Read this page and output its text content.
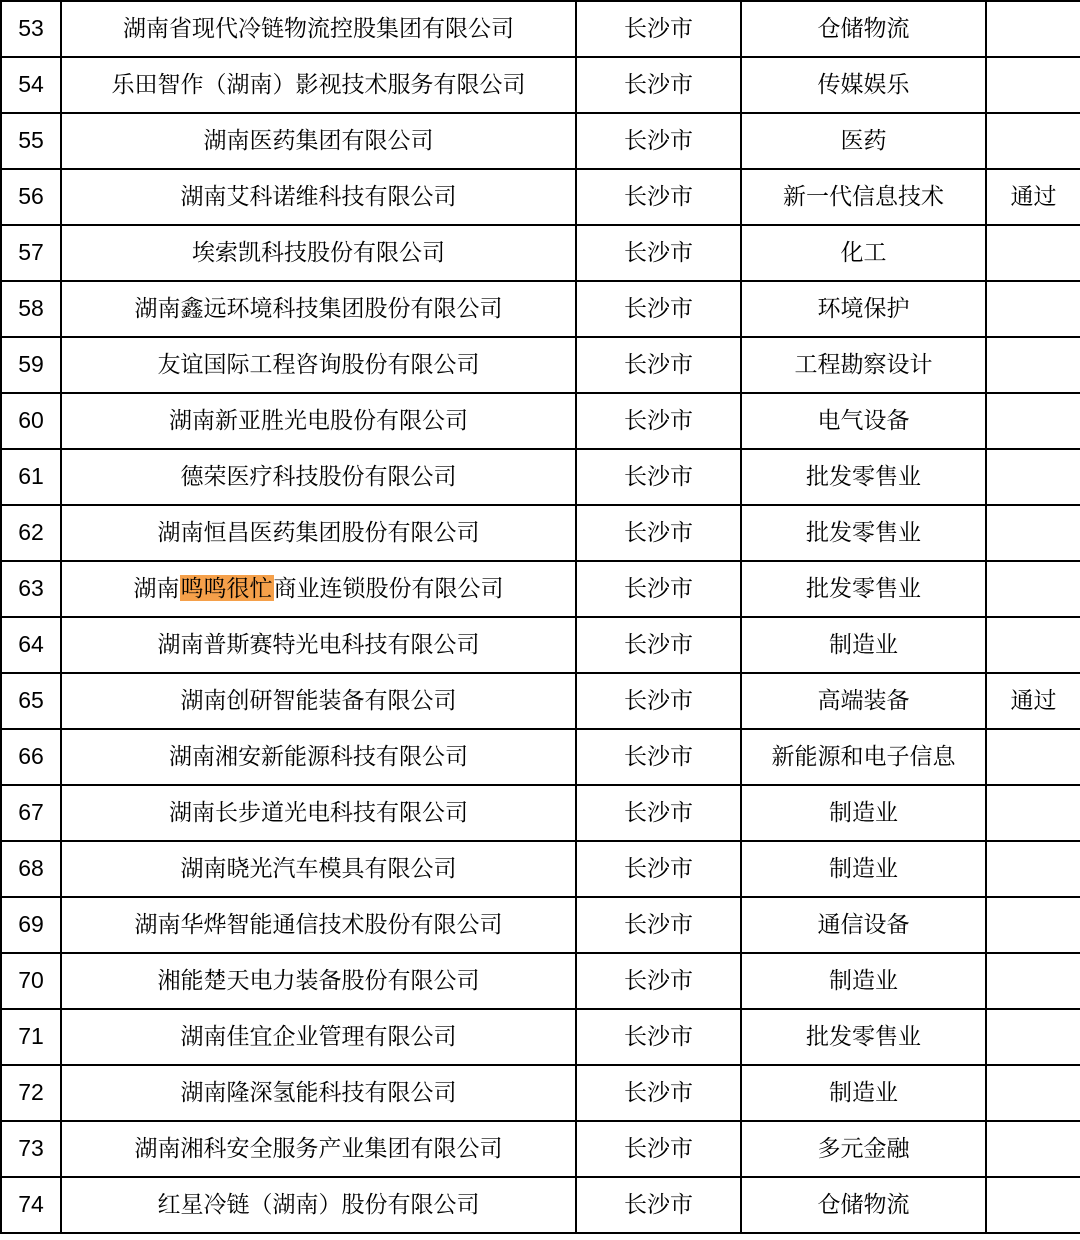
53	湖南省现代冷链物流控股集团有限公司	长沙市	仓储物流	
54	乐田智作（湖南）影视技术服务有限公司	长沙市	传媒娱乐	
55	湖南医药集团有限公司	长沙市	医药	
56	湖南艾科诺维科技有限公司	长沙市	新一代信息技术	通过
57	埃索凯科技股份有限公司	长沙市	化工	
58	湖南鑫远环境科技集团股份有限公司	长沙市	环境保护	
59	友谊国际工程咨询股份有限公司	长沙市	工程勘察设计	
60	湖南新亚胜光电股份有限公司	长沙市	电气设备	
61	德荣医疗科技股份有限公司	长沙市	批发零售业	
62	湖南恒昌医药集团股份有限公司	长沙市	批发零售业	
63	湖南鸣鸣很忙商业连锁股份有限公司	长沙市	批发零售业	
64	湖南普斯赛特光电科技有限公司	长沙市	制造业	
65	湖南创研智能装备有限公司	长沙市	高端装备	通过
66	湖南湘安新能源科技有限公司	长沙市	新能源和电子信息	
67	湖南长步道光电科技有限公司	长沙市	制造业	
68	湖南晓光汽车模具有限公司	长沙市	制造业	
69	湖南华烨智能通信技术股份有限公司	长沙市	通信设备	
70	湘能楚天电力装备股份有限公司	长沙市	制造业	
71	湖南佳宜企业管理有限公司	长沙市	批发零售业	
72	湖南隆深氢能科技有限公司	长沙市	制造业	
73	湖南湘科安全服务产业集团有限公司	长沙市	多元金融	
74	红星冷链（湖南）股份有限公司	长沙市	仓储物流	
